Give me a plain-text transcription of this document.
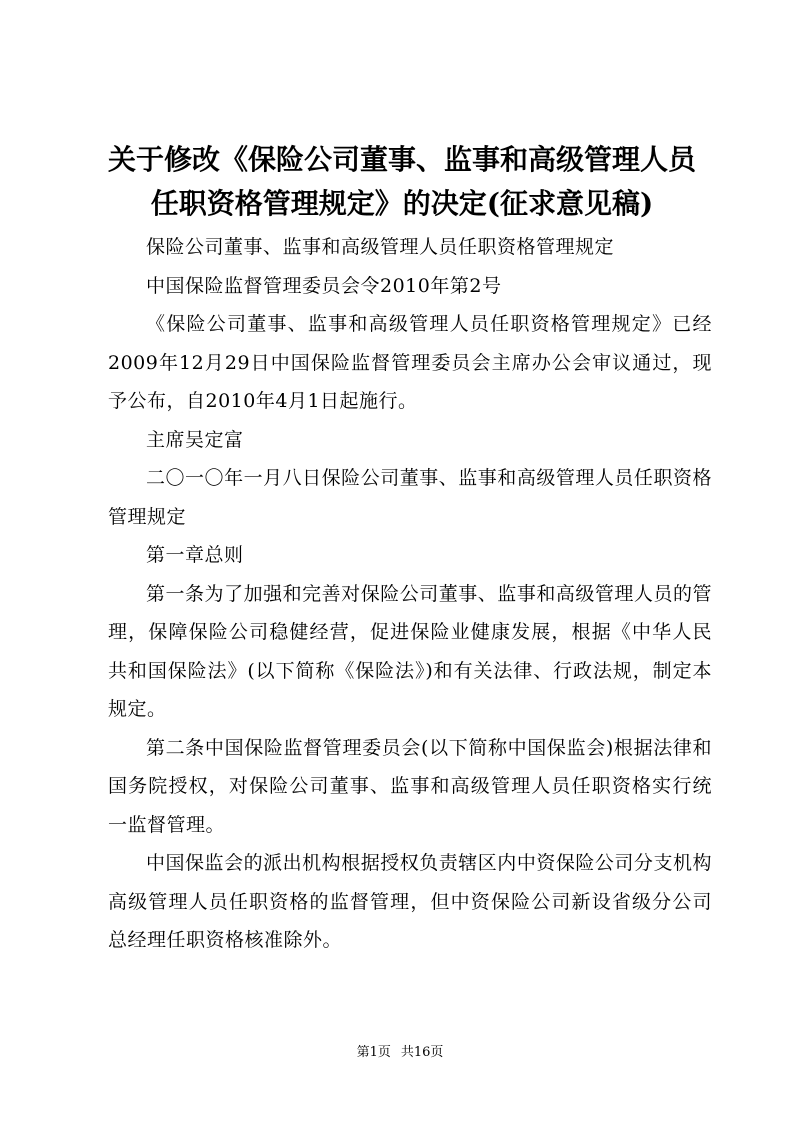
关于修改《保险公司董事、监事和高级管理人员任职资格管理规定》的决定(征求意见稿)

保险公司董事、监事和高级管理人员任职资格管理规定

中国保险监督管理委员会令2010年第2号

《保险公司董事、监事和高级管理人员任职资格管理规定》已经2009年12月29日中国保险监督管理委员会主席办公会审议通过，现予公布，自2010年4月1日起施行。

主席吴定富

二〇一〇年一月八日保险公司董事、监事和高级管理人员任职资格管理规定

第一章总则

第一条为了加强和完善对保险公司董事、监事和高级管理人员的管理，保障保险公司稳健经营，促进保险业健康发展，根据《中华人民共和国保险法》(以下简称《保险法》)和有关法律、行政法规，制定本规定。

第二条中国保险监督管理委员会(以下简称中国保监会)根据法律和国务院授权，对保险公司董事、监事和高级管理人员任职资格实行统一监督管理。

中国保监会的派出机构根据授权负责辖区内中资保险公司分支机构高级管理人员任职资格的监督管理，但中资保险公司新设省级分公司总经理任职资格核准除外。

第1页 共16页
